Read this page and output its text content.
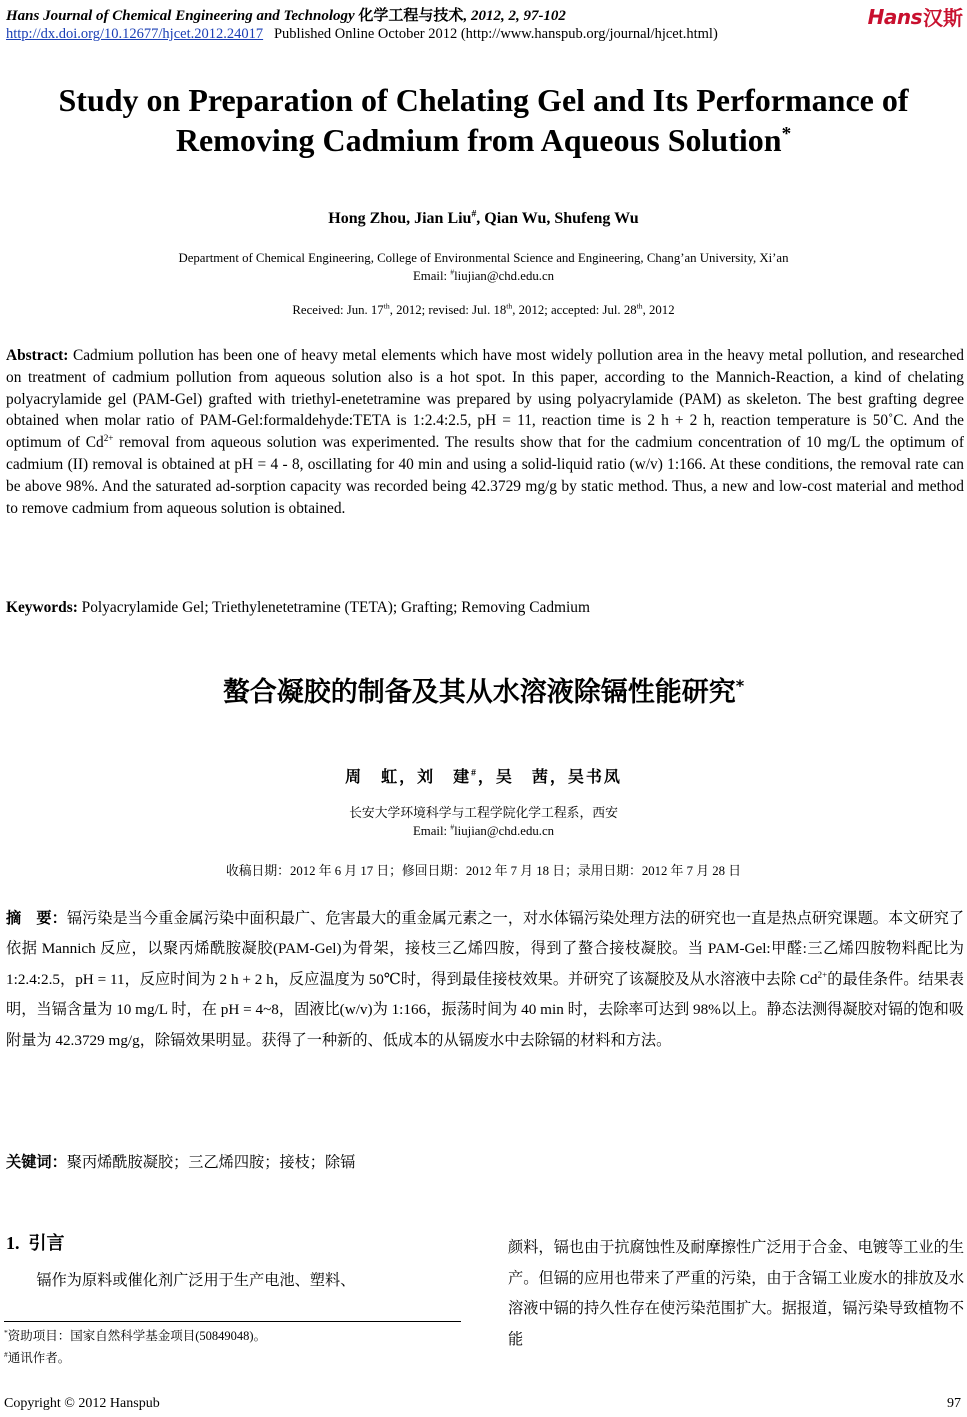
Hans Journal of Chemical Engineering and Technology 化学工程与技术, 2012, 2, 97-102
http://dx.doi.org/10.12677/hjcet.2012.24017 Published Online October 2012 (http://www.hanspub.org/journal/hjcet.html)
Hans 汉斯
Study on Preparation of Chelating Gel and Its Performance of
Removing Cadmium from Aqueous Solution*
Hong Zhou, Jian Liu#, Qian Wu, Shufeng Wu
Department of Chemical Engineering, College of Environmental Science and Engineering, Chang’an University, Xi’an
Email: #liujian@chd.edu.cn
Received: Jun. 17th, 2012; revised: Jul. 18th, 2012; accepted: Jul. 28th, 2012
Abstract: Cadmium pollution has been one of heavy metal elements which have most widely pollution area in the heavy metal pollution, and researched on treatment of cadmium pollution from aqueous solution also is a hot spot. In this paper, according to the Mannich-Reaction, a kind of chelating polyacrylamide gel (PAM-Gel) grafted with triethyl-enetetramine was prepared by using polyacrylamide (PAM) as skeleton. The best grafting degree obtained when molar ratio of PAM-Gel:formaldehyde:TETA is 1:2.4:2.5, pH = 11, reaction time is 2 h + 2 h, reaction temperature is 50˚C. And the optimum of $Cd^{2+}$ removal from aqueous solution was experimented. The results show that for the cadmium concentration of 10 mg/L the optimum of cadmium (II) removal is obtained at pH = 4 - 8, oscillating for 40 min and using a solid-liquid ratio (w/v) 1:166. At these conditions, the removal rate can be above 98%. And the saturated ad-sorption capacity was recorded being 42.3729 mg/g by static method. Thus, a new and low-cost material and method to remove cadmium from aqueous solution is obtained.
Keywords: Polyacrylamide Gel; Triethylenetetramine (TETA); Grafting; Removing Cadmium
螯合凝胶的制备及其从水溶液除镉性能研究*
周　虹，刘　建#，吴　茜，吴书凤
长安大学环境科学与工程学院化学工程系，西安
Email: #liujian@chd.edu.cn
收稿日期：2012 年 6 月 17 日；修回日期：2012 年 7 月 18 日；录用日期：2012 年 7 月 28 日
摘　要：镉污染是当今重金属污染中面积最广、危害最大的重金属元素之一，对水体镉污染处理方法的研究也一直是热点研究课题。本文研究了依据 Mannich 反应，以聚丙烯酰胺凝胶(PAM-Gel)为骨架，接枝三乙烯四胺，得到了螯合接枝凝胶。当 PAM-Gel:甲醛:三乙烯四胺物料配比为 1:2.4:2.5，pH = 11，反应时间为 2 h + 2 h，反应温度为 50℃时，得到最佳接枝效果。并研究了该凝胶及从水溶液中去除 $Cd^{2+}$的最佳条件。结果表明，当镉含量为 10 mg/L 时，在 pH = 4~8，固液比(w/v)为 1:166，振荡时间为 40 min 时，去除率可达到 98%以上。静态法测得凝胶对镉的饱和吸附量为 42.3729 mg/g，除镉效果明显。获得了一种新的、低成本的从镉废水中去除镉的材料和方法。
关键词：聚丙烯酰胺凝胶；三乙烯四胺；接枝；除镉
1. 引言
镉作为原料或催化剂广泛用于生产电池、塑料、
颜料，镉也由于抗腐蚀性及耐摩擦性广泛用于合金、电镀等工业的生产。但镉的应用也带来了严重的污染，由于含镉工业废水的排放及水溶液中镉的持久性存在使污染范围扩大。据报道，镉污染导致植物不能
*资助项目：国家自然科学基金项目(50849048)。
#通讯作者。
Copyright © 2012 Hanspub	97
